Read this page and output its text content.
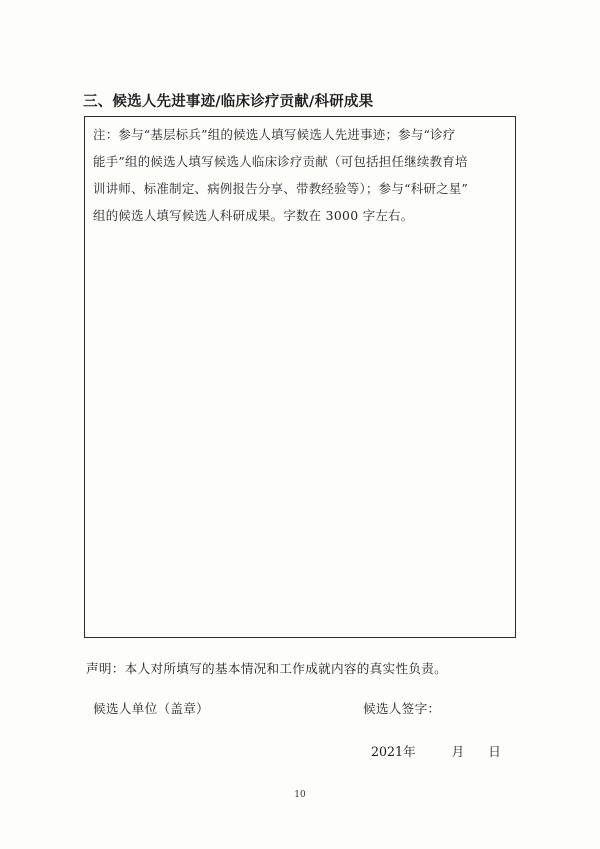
三、候选人先进事迹/临床诊疗贡献/科研成果
注：参与“基层标兵”组的候选人填写候选人先进事迹；参与“诊疗
能手”组的候选人填写候选人临床诊疗贡献（可包括担任继续教育培
训讲师、标准制定、病例报告分享、带教经验等）；参与“科研之星”
组的候选人填写候选人科研成果。字数在 3000 字左右。
声明：本人对所填写的基本情况和工作成就内容的真实性负责。
候选人单位（盖章）	候选人签字：
2021年	月 日
10
